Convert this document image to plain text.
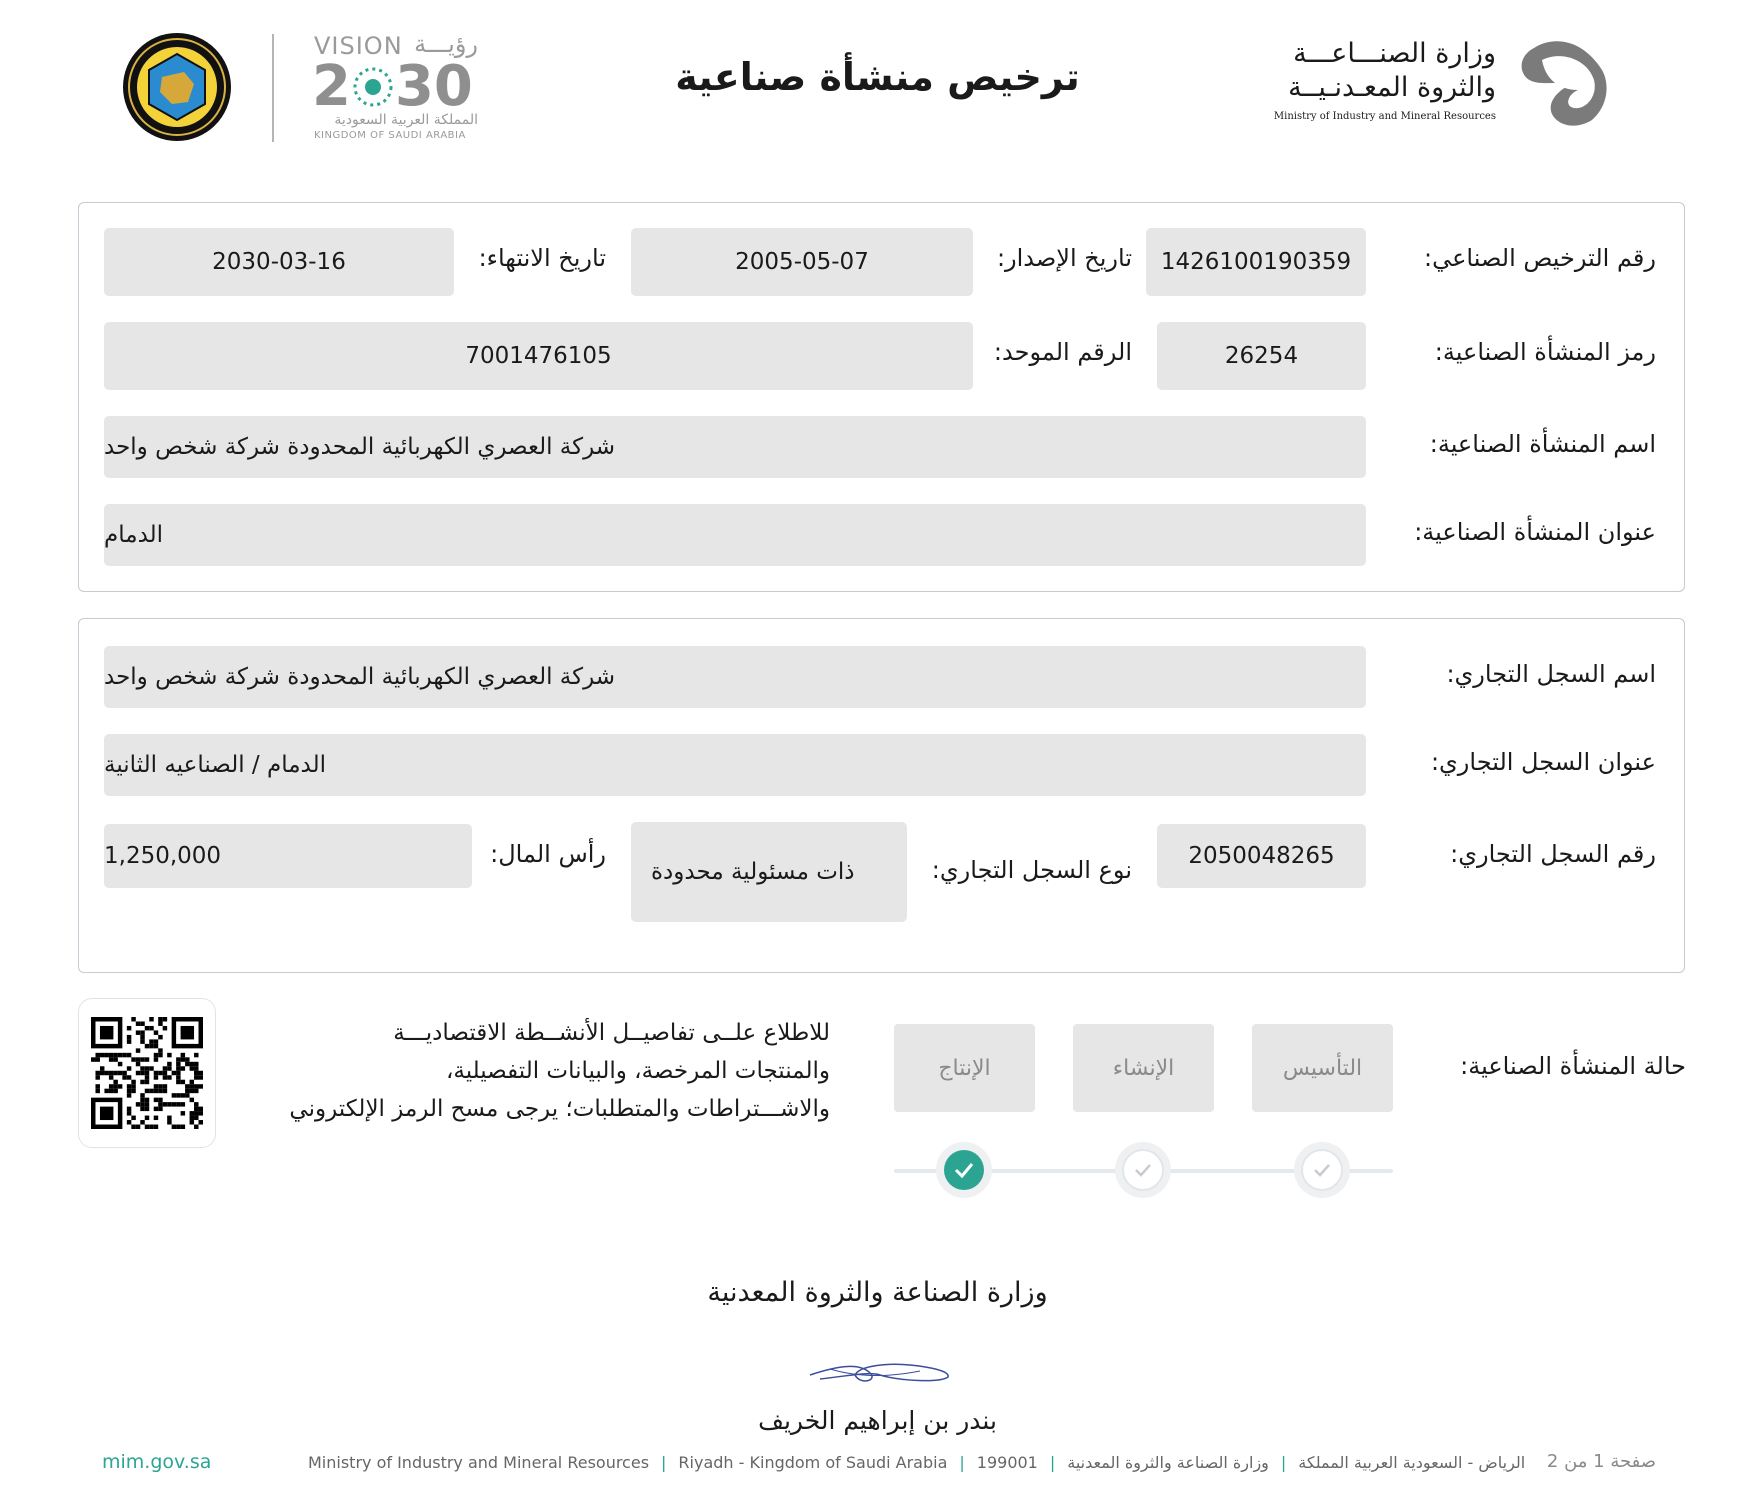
VISION رؤيـــة
2 30
المملكة العربية السعودية
KINGDOM OF SAUDI ARABIA
ترخيص منشأة صناعية
وزارة الصنـــاعـــة
والثروة المعـدنـيــة
Ministry of Industry and Mineral Resources
رقم الترخيص الصناعي:
1426100190359
تاريخ الإصدار:
2005-05-07
تاريخ الانتهاء:
2030-03-16
رمز المنشأة الصناعية:
26254
الرقم الموحد:
7001476105
اسم المنشأة الصناعية:
شركة العصري الكهربائية المحدودة شركة شخص واحد
عنوان المنشأة الصناعية:
الدمام
اسم السجل التجاري:
شركة العصري الكهربائية المحدودة شركة شخص واحد
عنوان السجل التجاري:
الدمام / الصناعيه الثانية
رقم السجل التجاري:
2050048265
نوع السجل التجاري:
ذات مسئولية محدودة
رأس المال:
1,250,000
للاطلاع علــى تفاصيــل الأنشــطة الاقتصاديـــة
والمنتجات المرخصة، والبيانات التفصيلية،
والاشـــتراطات والمتطلبات؛ يرجى مسح الرمز الإلكتروني
حالة المنشأة الصناعية:
التأسيس
الإنشاء
الإنتاج
وزارة الصناعة والثروة المعدنية
بندر بن إبراهيم الخريف
mim.gov.sa	Ministry of Industry and Mineral Resources | Riyadh - Kingdom of Saudi Arabia | 199001 | وزارة الصناعة والثروة المعدنية | الرياض - السعودية العربية المملكة صفحة 1 من 2
